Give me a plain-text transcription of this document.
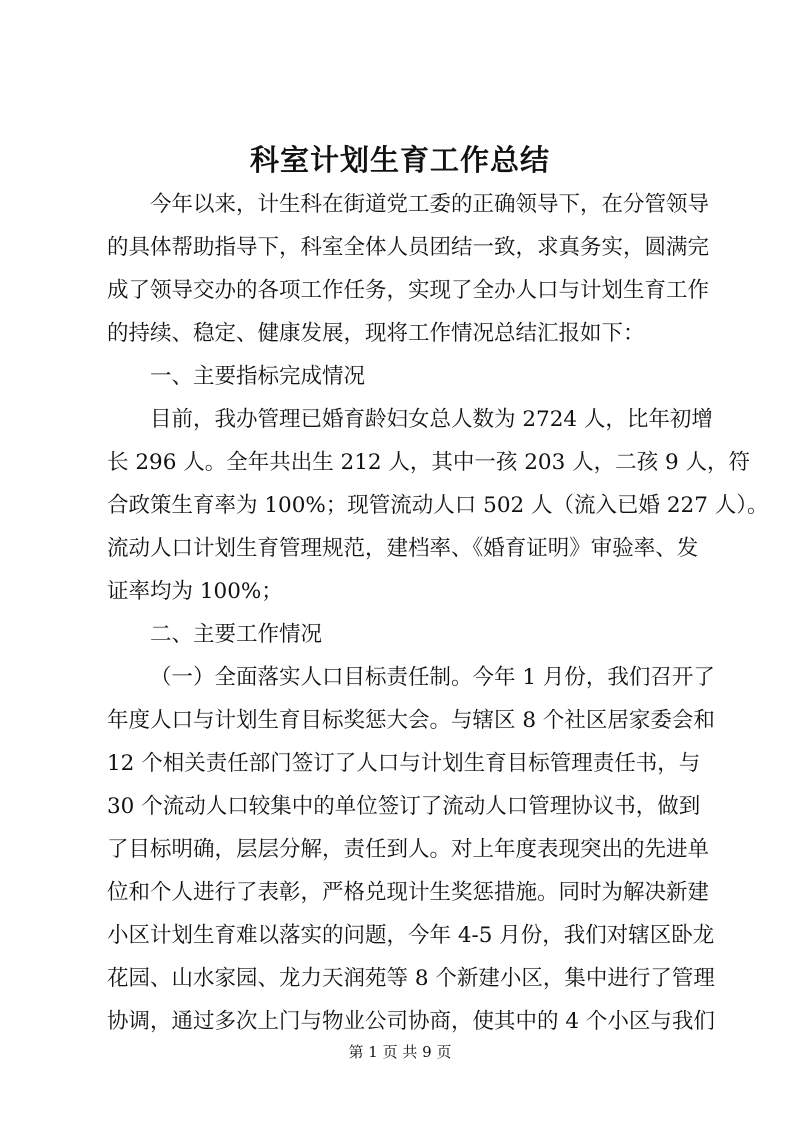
科室计划生育工作总结
今年以来，计生科在街道党工委的正确领导下，在分管领导
的具体帮助指导下，科室全体人员团结一致，求真务实，圆满完
成了领导交办的各项工作任务，实现了全办人口与计划生育工作
的持续、稳定、健康发展，现将工作情况总结汇报如下：
一、主要指标完成情况
目前，我办管理已婚育龄妇女总人数为 2724 人，比年初增
长 296 人。全年共出生 212 人，其中一孩 203 人，二孩 9 人，符
合政策生育率为 100%；现管流动人口 502 人（流入已婚 227 人）。
流动人口计划生育管理规范，建档率、《婚育证明》审验率、发
证率均为 100%；
二、主要工作情况
（一）全面落实人口目标责任制。今年 1 月份，我们召开了
年度人口与计划生育目标奖惩大会。与辖区 8 个社区居家委会和
12 个相关责任部门签订了人口与计划生育目标管理责任书，与
30 个流动人口较集中的单位签订了流动人口管理协议书，做到
了目标明确，层层分解，责任到人。对上年度表现突出的先进单
位和个人进行了表彰，严格兑现计生奖惩措施。同时为解决新建
小区计划生育难以落实的问题，今年 4-5 月份，我们对辖区卧龙
花园、山水家园、龙力天润苑等 8 个新建小区，集中进行了管理
协调，通过多次上门与物业公司协商，使其中的 4 个小区与我们
第 1 页 共 9 页
